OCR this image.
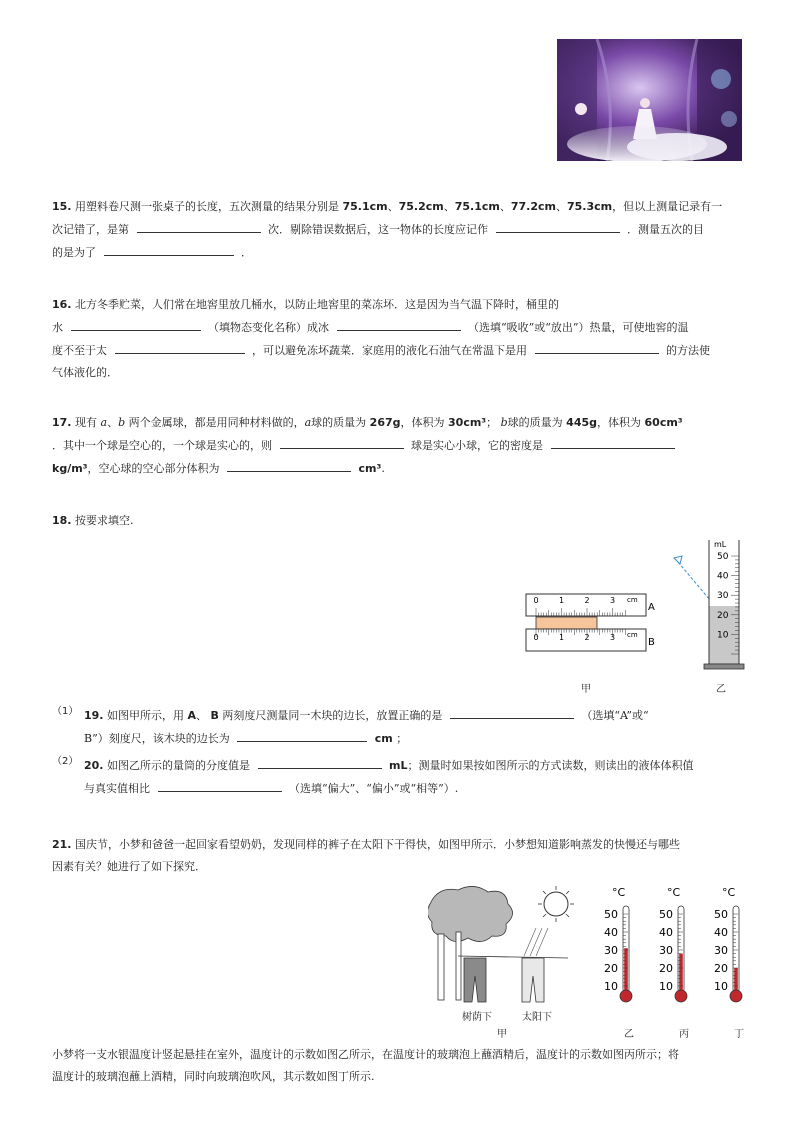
15. 用塑料卷尺测一张桌子的长度，五次测量的结果分别是 75.1cm、75.2cm、75.1cm、77.2cm、75.3cm，但以上测量记录有一
次记错了，是第	次．剔除错误数据后，这一物体的长度应记作	．测量五次的目
的是为了	．
16. 北方冬季贮菜，人们常在地窖里放几桶水，以防止地窖里的菜冻坏．这是因为当气温下降时，桶里的
水	（填物态变化名称）成冰	（选填“吸收”或“放出”）热量，可使地窖的温
度不至于太	，可以避免冻坏蔬菜．家庭用的液化石油气在常温下是用	的方法使
气体液化的．
17. 现有 a、b 两个金属球，都是用同种材料做的，a球的质量为 267g，体积为 30cm³； b球的质量为 445g，体积为 60cm³
．其中一个球是空心的，一个球是实心的，则	球是实心小球，它的密度是
kg/m³，空心球的空心部分体积为	cm³.
18. 按要求填空.
0	1	2	3
0	1	2	3
cm
cm
A
B
甲
50
40
30
20
10
mL
乙
（1） 19. 如图甲所示，用 A、 B 两刻度尺测量同一木块的边长，放置正确的是	（选填“A”或“
B”）刻度尺，该木块的边长为	cm ；
（2） 20. 如图乙所示的量筒的分度值是	mL；测量时如果按如图所示的方式读数，则读出的液体体积值
与真实值相比	（选填“偏大”、“偏小”或“相等”）.
21. 国庆节，小梦和爸爸一起回家看望奶奶，发现同样的裤子在太阳下干得快，如图甲所示．小梦想知道影响蒸发的快慢还与哪些
因素有关？她进行了如下探究．
树荫下	太阳下
甲
°C
50
40
30
20
10
°C
50
40
30
20
10
°C
50
40
30
20
10
乙	丙	丁
小梦将一支水银温度计竖起悬挂在室外，温度计的示数如图乙所示，在温度计的玻璃泡上蘸酒精后，温度计的示数如图丙所示；将
温度计的玻璃泡蘸上酒精，同时向玻璃泡吹风，其示数如图丁所示.
